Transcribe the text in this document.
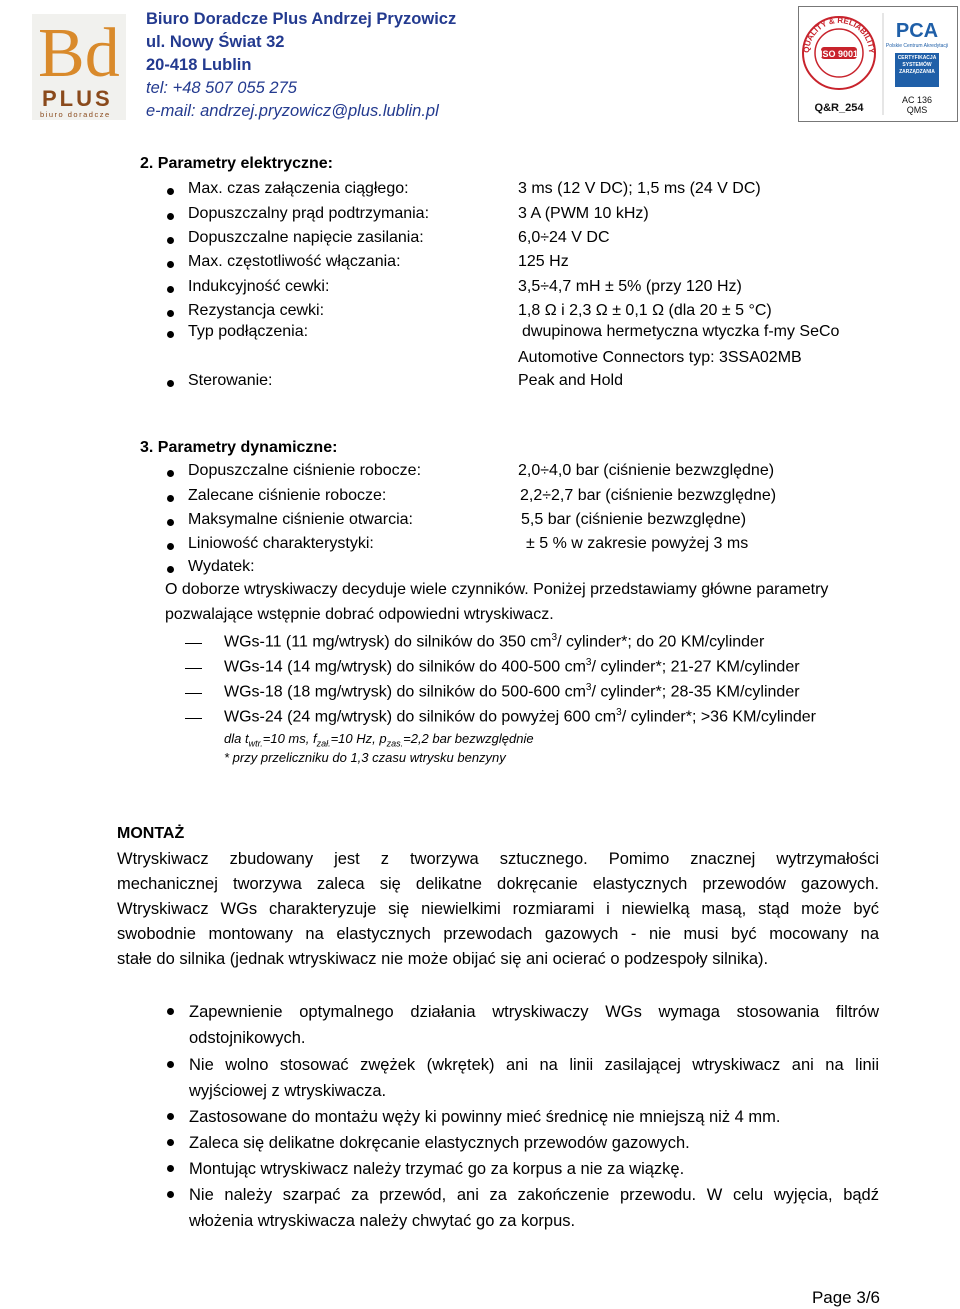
Bd
PLUS
biuro doradcze
Biuro Doradcze Plus Andrzej Pryzowicz
ul. Nowy Świat 32
20-418 Lublin
tel: +48 507 055 275
e-mail: andrzej.pryzowicz@plus.lublin.pl
QUALITY & RELIABILITY
ISO 9001
Q&R_254
PCA
Polskie Centrum Akredytacji
CERTYFIKACJA SYSTEMÓW ZARZĄDZANIA
AC 136
QMS
2. Parametry elektryczne:
Max. czas załączenia ciągłego:	3 ms (12 V DC); 1,5 ms (24 V DC)
Dopuszczalny prąd podtrzymania:	3 A (PWM 10 kHz)
Dopuszczalne napięcie zasilania:	6,0÷24 V DC
Max. częstotliwość włączania:	125 Hz
Indukcyjność cewki:	3,5÷4,7 mH ± 5% (przy 120 Hz)
Rezystancja cewki:	1,8 Ω i 2,3 Ω ± 0,1 Ω (dla 20 ± 5 °C)
Typ podłączenia:	dwupinowa hermetyczna wtyczka f-my SeCo
Automotive Connectors typ: 3SSA02MB
Sterowanie:	Peak and Hold
3. Parametry dynamiczne:
Dopuszczalne ciśnienie robocze:	2,0÷4,0 bar (ciśnienie bezwzględne)
Zalecane ciśnienie robocze:	2,2÷2,7 bar (ciśnienie bezwzględne)
Maksymalne ciśnienie otwarcia:	5,5 bar (ciśnienie bezwzględne)
Liniowość charakterystyki:	± 5 % w zakresie powyżej 3 ms
Wydatek:
O doborze wtryskiwaczy decyduje wiele czynników. Poniżej przedstawiamy główne parametry
pozwalające wstępnie dobrać odpowiedni wtryskiwacz.
WGs-11 (11 mg/wtrysk) do silników do 350 $cm^3/$ cylinder*; do 20 KM/cylinder
WGs-14 (14 mg/wtrysk) do silników do 400-500 $cm^3/$ cylinder*; 21-27 KM/cylinder
WGs-18 (18 mg/wtrysk) do silników do 500-600 $cm^3/$ cylinder*; 28-35 KM/cylinder
WGs-24 (24 mg/wtrysk) do silników do powyżej 600 $cm^3/$ cylinder*; >36 KM/cylinder
dla $t_{wtr.}=10$ ms, $f_{zał.}=10$ Hz, $p_{zas.}=2,2$ bar bezwzględnie
* przy przeliczniku do 1,3 czasu wtrysku benzyny
MONTAŻ
Wtryskiwacz zbudowany jest z tworzywa sztucznego. Pomimo znacznej wytrzymałości
mechanicznej tworzywa zaleca się delikatne dokręcanie elastycznych przewodów gazowych.
Wtryskiwacz WGs charakteryzuje się niewielkimi rozmiarami i niewielką masą, stąd może być
swobodnie montowany na elastycznych przewodach gazowych - nie musi być mocowany na
stałe do silnika (jednak wtryskiwacz nie może obijać się ani ocierać o podzespoły silnika).
Zapewnienie optymalnego działania wtryskiwaczy WGs wymaga stosowania filtrów
odstojnikowych.
Nie wolno stosować zwężek (wkrętek) ani na linii zasilającej wtryskiwacz ani na linii
wyjściowej z wtryskiwacza.
Zastosowane do montażu węży ki powinny mieć średnicę nie mniejszą niż 4 mm.
Zaleca się delikatne dokręcanie elastycznych przewodów gazowych.
Montując wtryskiwacz należy trzymać go za korpus a nie za wiązkę.
Nie należy szarpać za przewód, ani za zakończenie przewodu. W celu wyjęcia, bądź
włożenia wtryskiwacza należy chwytać go za korpus.
Page 3/6
